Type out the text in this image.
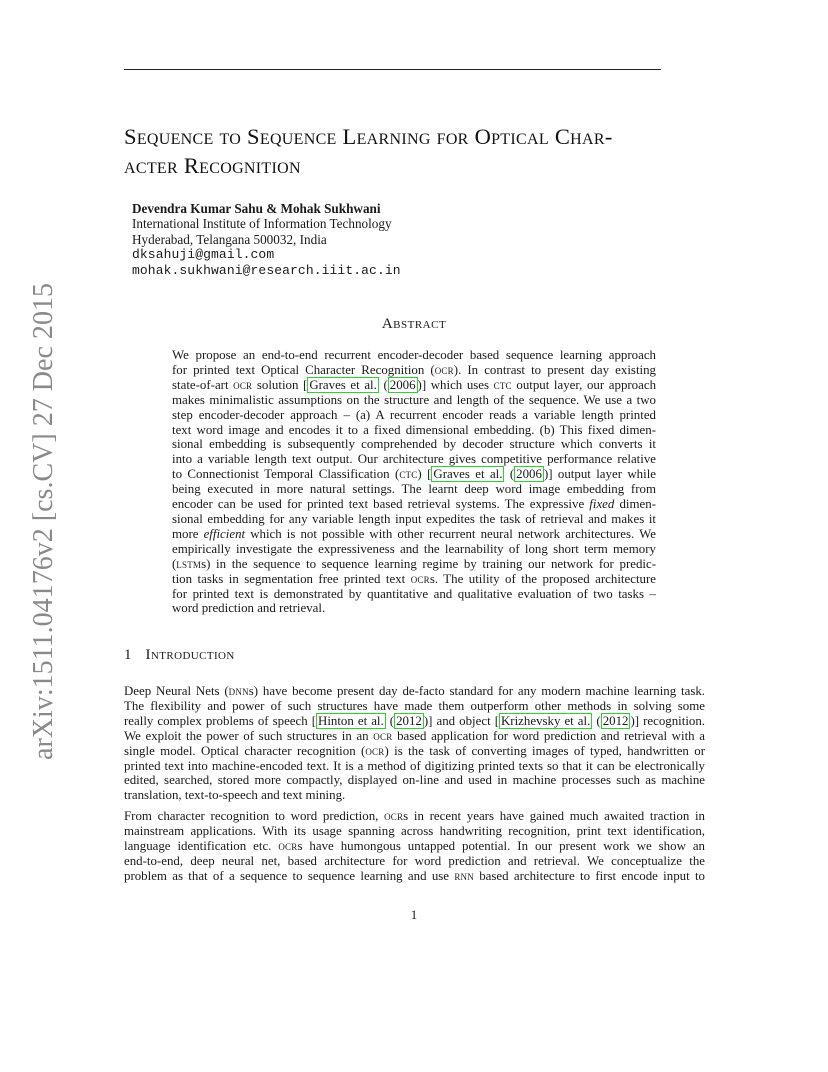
arXiv:1511.04176v2 [cs.CV] 27 Dec 2015
Sequence to Sequence Learning for Optical Char-
acter Recognition
Devendra Kumar Sahu & Mohak Sukhwani
International Institute of Information Technology
Hyderabad, Telangana 500032, India
dksahuji@gmail.com
mohak.sukhwani@research.iiit.ac.in
Abstract
We propose an end-to-end recurrent encoder-decoder based sequence learning approach
for printed text Optical Character Recognition (ocr). In contrast to present day existing
state-of-art ocr solution [ Graves et al. ( 2006 )] which uses ctc output layer, our approach
makes minimalistic assumptions on the structure and length of the sequence. We use a two
step encoder-decoder approach – (a) A recurrent encoder reads a variable length printed
text word image and encodes it to a fixed dimensional embedding. (b) This fixed dimen-
sional embedding is subsequently comprehended by decoder structure which converts it
into a variable length text output. Our architecture gives competitive performance relative
to Connectionist Temporal Classification (ctc) [ Graves et al. ( 2006 )] output layer while
being executed in more natural settings. The learnt deep word image embedding from
encoder can be used for printed text based retrieval systems. The expressive fixed dimen-
sional embedding for any variable length input expedites the task of retrieval and makes it
more efficient which is not possible with other recurrent neural network architectures. We
empirically investigate the expressiveness and the learnability of long short term memory
(lstms) in the sequence to sequence learning regime by training our network for predic-
tion tasks in segmentation free printed text ocrs. The utility of the proposed architecture
for printed text is demonstrated by quantitative and qualitative evaluation of two tasks –
word prediction and retrieval.
1 Introduction
Deep Neural Nets (dnns) have become present day de-facto standard for any modern machine learning task.
The flexibility and power of such structures have made them outperform other methods in solving some
really complex problems of speech [ Hinton et al. ( 2012 )] and object [ Krizhevsky et al. ( 2012 )] recognition.
We exploit the power of such structures in an ocr based application for word prediction and retrieval with a
single model. Optical character recognition (ocr) is the task of converting images of typed, handwritten or
printed text into machine-encoded text. It is a method of digitizing printed texts so that it can be electronically
edited, searched, stored more compactly, displayed on-line and used in machine processes such as machine
translation, text-to-speech and text mining.
From character recognition to word prediction, ocrs in recent years have gained much awaited traction in
mainstream applications. With its usage spanning across handwriting recognition, print text identification,
language identification etc. ocrs have humongous untapped potential. In our present work we show an
end-to-end, deep neural net, based architecture for word prediction and retrieval. We conceptualize the
problem as that of a sequence to sequence learning and use rnn based architecture to first encode input to
1
